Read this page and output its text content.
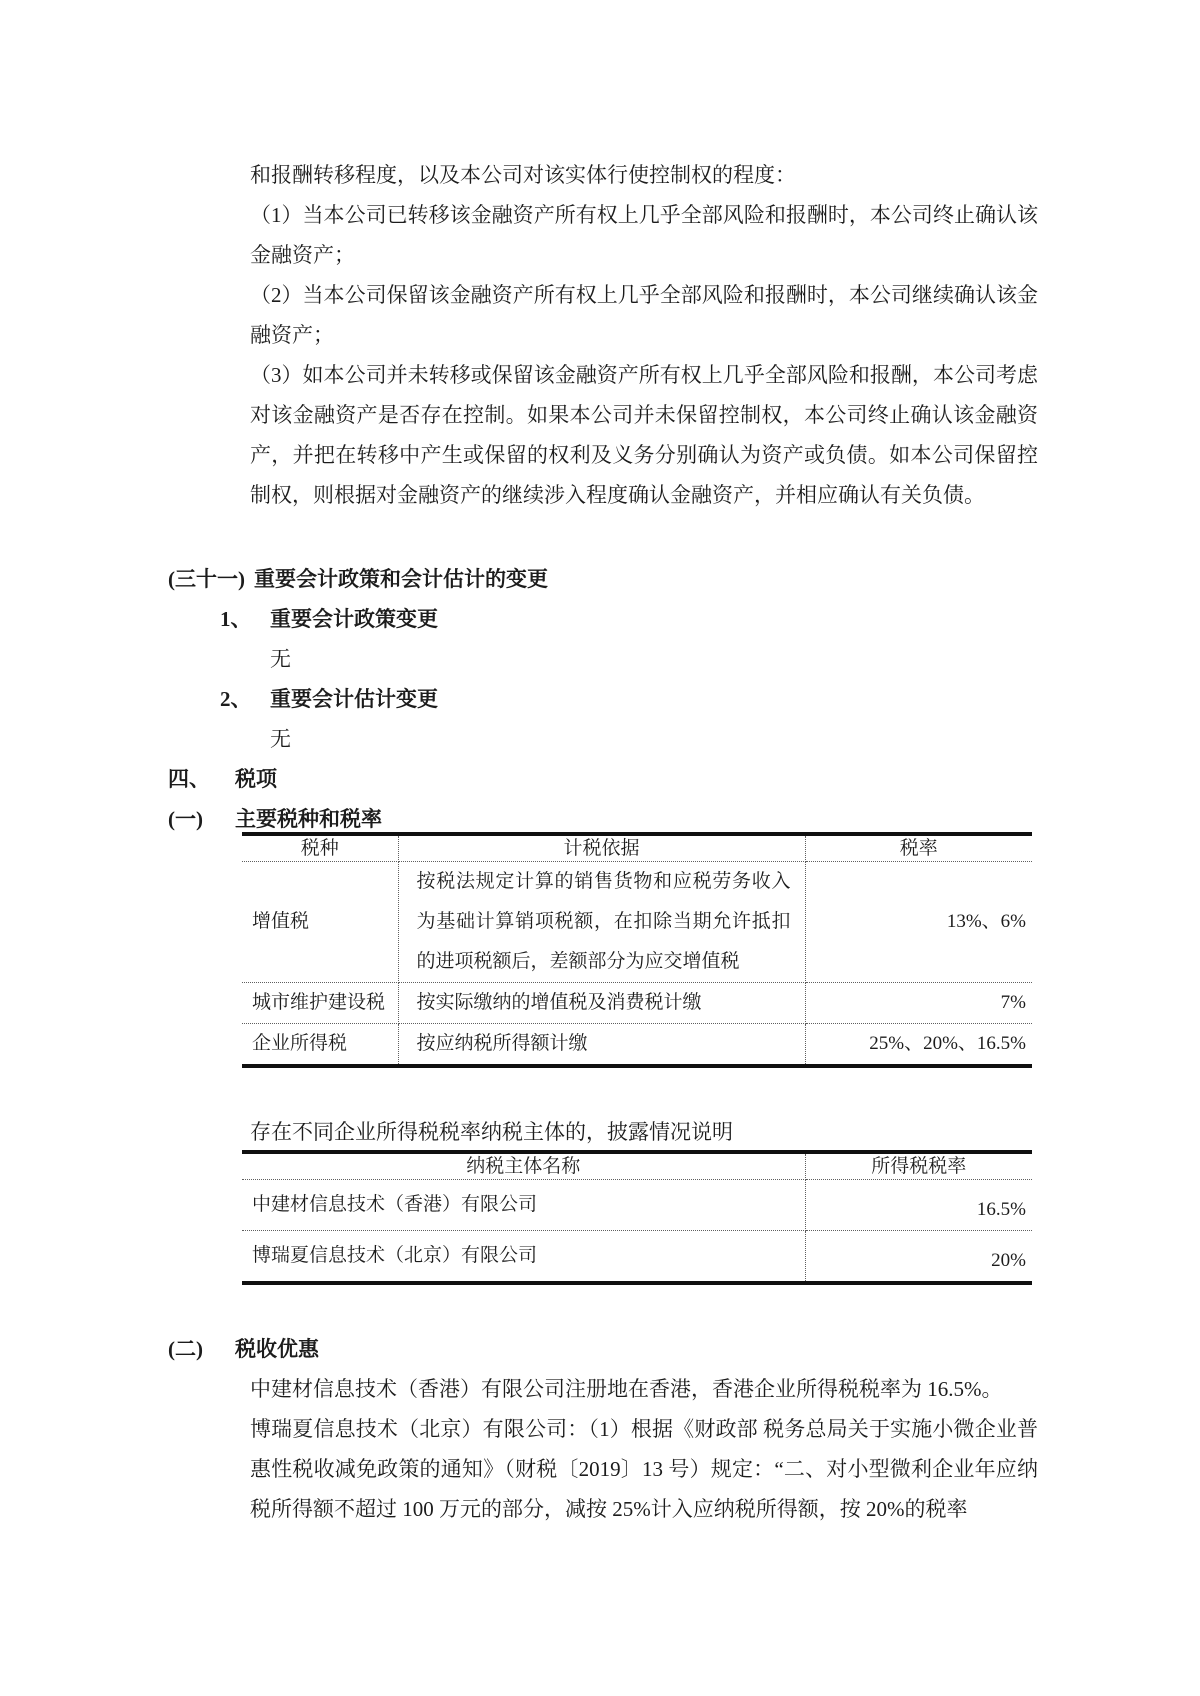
和报酬转移程度，以及本公司对该实体行使控制权的程度：

（1）当本公司已转移该金融资产所有权上几乎全部风险和报酬时，本公司终止确认该金融资产；

（2）当本公司保留该金融资产所有权上几乎全部风险和报酬时，本公司继续确认该金融资产；

（3）如本公司并未转移或保留该金融资产所有权上几乎全部风险和报酬，本公司考虑对该金融资产是否存在控制。如果本公司并未保留控制权，本公司终止确认该金融资产，并把在转移中产生或保留的权利及义务分别确认为资产或负债。如本公司保留控制权，则根据对金融资产的继续涉入程度确认金融资产，并相应确认有关负债。

(三十一) 重要会计政策和会计估计的变更

1、 重要会计政策变更

无

2、 重要会计估计变更

无

四、 税项

(一) 主要税种和税率

税种	计税依据	税率
增值税	按税法规定计算的销售货物和应税劳务收入为基础计算销项税额，在扣除当期允许抵扣的进项税额后，差额部分为应交增值税	13%、6%
城市维护建设税	按实际缴纳的增值税及消费税计缴	7%
企业所得税	按应纳税所得额计缴	25%、20%、16.5%

存在不同企业所得税税率纳税主体的，披露情况说明

纳税主体名称	所得税税率
中建材信息技术（香港）有限公司	16.5%
博瑞夏信息技术（北京）有限公司	20%

(二) 税收优惠

中建材信息技术（香港）有限公司注册地在香港，香港企业所得税税率为 16.5%。

博瑞夏信息技术（北京）有限公司：（1）根据《财政部 税务总局关于实施小微企业普惠性税收减免政策的通知》（财税〔2019〕13 号）规定：“二、对小型微利企业年应纳税所得额不超过 100 万元的部分，减按 25%计入应纳税所得额，按 20%的税率
